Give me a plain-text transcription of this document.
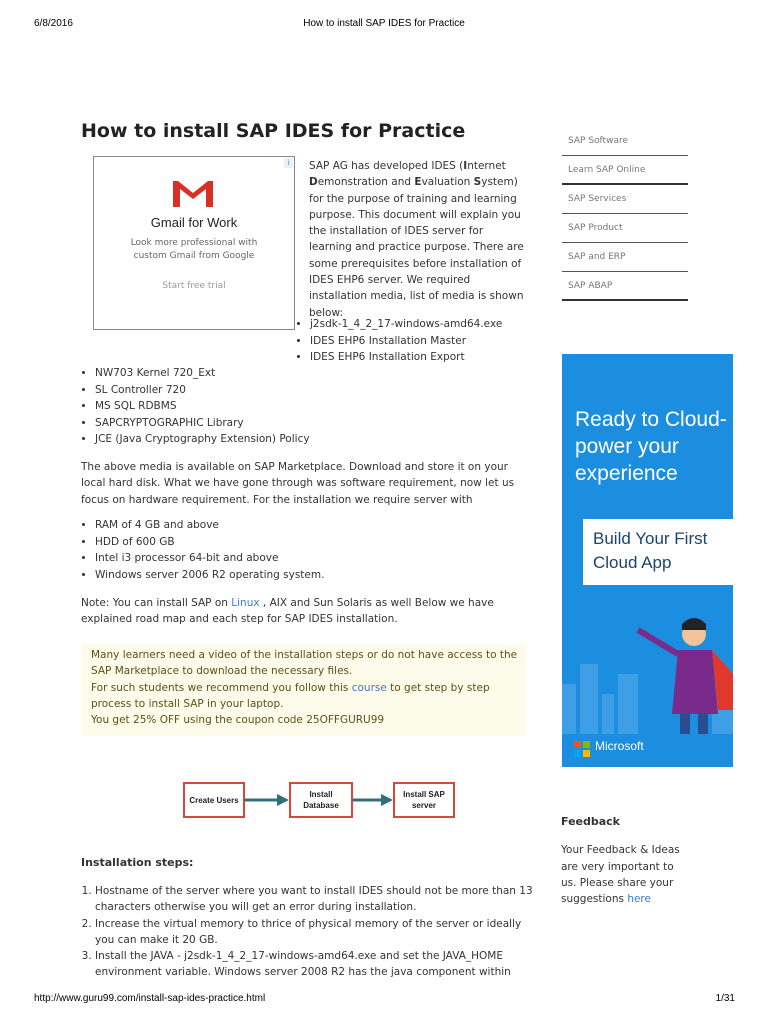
6/8/2016	How to install SAP IDES for Practice
How to install SAP IDES for Practice
i
Gmail for Work
Look more professional with custom Gmail from Google
Start free trial
SAP AG has developed IDES (Internet Demonstration and Evaluation System) for the purpose of training and learning purpose. This document will explain you the installation of IDES server for learning and practice purpose. There are some prerequisites before installation of IDES EHP6 server. We required installation media, list of media is shown below:
• j2sdk-1_4_2_17-windows-amd64.exe
• IDES EHP6 Installation Master
• IDES EHP6 Installation Export
• NW703 Kernel 720_Ext
• SL Controller 720
• MS SQL RDBMS
• SAPCRYPTOGRAPHIC Library
• JCE (Java Cryptography Extension) Policy
The above media is available on SAP Marketplace. Download and store it on your local hard disk. What we have gone through was software requirement, now let us focus on hardware requirement. For the installation we require server with
• RAM of 4 GB and above
• HDD of 600 GB
• Intel i3 processor 64-bit and above
• Windows server 2006 R2 operating system.
Note: You can install SAP on Linux , AIX and Sun Solaris as well Below we have explained road map and each step for SAP IDES installation.
Many learners need a video of the installation steps or do not have access to the SAP Marketplace to download the necessary files.
For such students we recommend you follow this course to get step by step process to install SAP in your laptop.
You get 25% OFF using the coupon code 25OFFGURU99
Create Users
Install Database
Install SAP server
Installation steps:
1. Hostname of the server where you want to install IDES should not be more than 13 characters otherwise you will get an error during installation.
2. Increase the virtual memory to thrice of physical memory of the server or ideally you can make it 20 GB.
3. Install the JAVA - j2sdk-1_4_2_17-windows-amd64.exe and set the JAVA_HOME environment variable. Windows server 2008 R2 has the java component within
SAP Software
Learn SAP Online
SAP Services
SAP Product
SAP and ERP
SAP ABAP
Ready to Cloud-power your experience
Build Your First Cloud App
Microsoft
Feedback
Your Feedback & Ideas are very important to us. Please share your suggestions here
http://www.guru99.com/install-sap-ides-practice.html	1/31
